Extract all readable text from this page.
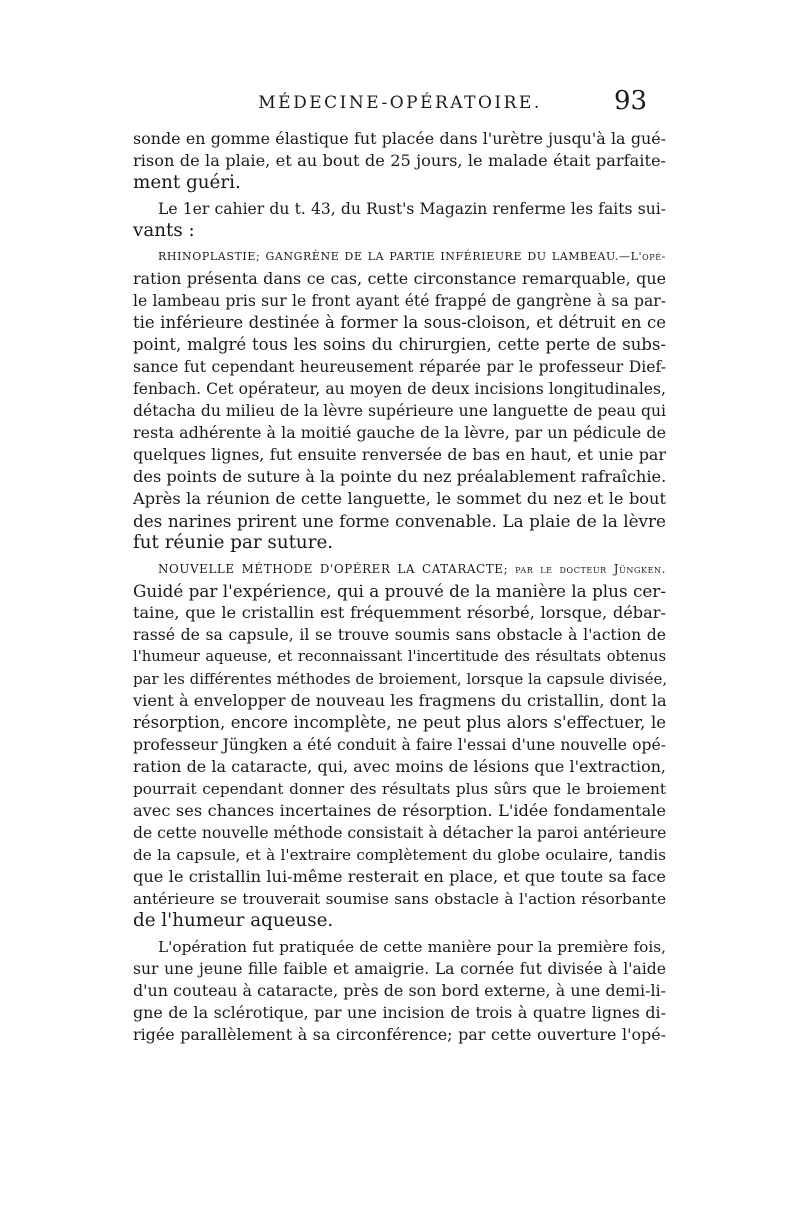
MÉDECINE-OPÉRATOIRE.	93
sonde en gomme élastique fut placée dans l'urètre jusqu'à la gué-
rison de la plaie, et au bout de 25 jours, le malade était parfaite-
ment guéri.
Le 1er cahier du t. 43, du Rust's Magazin renferme les faits sui-
vants :
RHINOPLASTIE; GANGRÈNE DE LA PARTIE INFÉRIEURE DU LAMBEAU.—L'opé-
ration présenta dans ce cas, cette circonstance remarquable, que
le lambeau pris sur le front ayant été frappé de gangrène à sa par-
tie inférieure destinée à former la sous-cloison, et détruit en ce
point, malgré tous les soins du chirurgien, cette perte de subs-
sance fut cependant heureusement réparée par le professeur Dief-
fenbach. Cet opérateur, au moyen de deux incisions longitudinales,
détacha du milieu de la lèvre supérieure une languette de peau qui
resta adhérente à la moitié gauche de la lèvre, par un pédicule de
quelques lignes, fut ensuite renversée de bas en haut, et unie par
des points de suture à la pointe du nez préalablement rafraîchie.
Après la réunion de cette languette, le sommet du nez et le bout
des narines prirent une forme convenable. La plaie de la lèvre
fut réunie par suture.
NOUVELLE MÉTHODE D'OPÉRER LA CATARACTE; par le docteur Jüngken.
Guidé par l'expérience, qui a prouvé de la manière la plus cer-
taine, que le cristallin est fréquemment résorbé, lorsque, débar-
rassé de sa capsule, il se trouve soumis sans obstacle à l'action de
l'humeur aqueuse, et reconnaissant l'incertitude des résultats obtenus
par les différentes méthodes de broiement, lorsque la capsule divisée,
vient à envelopper de nouveau les fragmens du cristallin, dont la
résorption, encore incomplète, ne peut plus alors s'effectuer, le
professeur Jüngken a été conduit à faire l'essai d'une nouvelle opé-
ration de la cataracte, qui, avec moins de lésions que l'extraction,
pourrait cependant donner des résultats plus sûrs que le broiement
avec ses chances incertaines de résorption. L'idée fondamentale
de cette nouvelle méthode consistait à détacher la paroi antérieure
de la capsule, et à l'extraire complètement du globe oculaire, tandis
que le cristallin lui-même resterait en place, et que toute sa face
antérieure se trouverait soumise sans obstacle à l'action résorbante
de l'humeur aqueuse.
L'opération fut pratiquée de cette manière pour la première fois,
sur une jeune fille faible et amaigrie. La cornée fut divisée à l'aide
d'un couteau à cataracte, près de son bord externe, à une demi-li-
gne de la sclérotique, par une incision de trois à quatre lignes di-
rigée parallèlement à sa circonférence; par cette ouverture l'opé-
